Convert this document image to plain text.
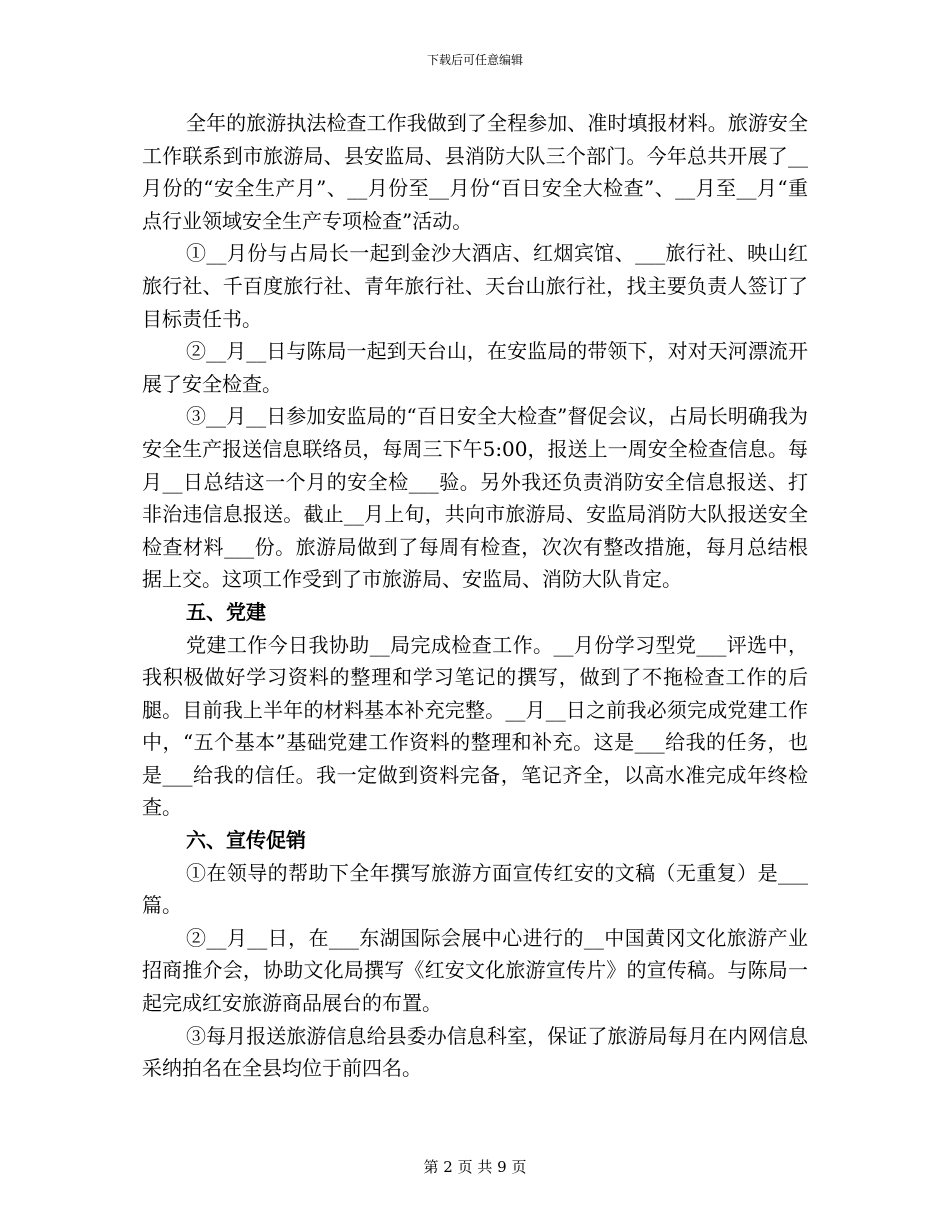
下载后可任意编辑

全年的旅游执法检查工作我做到了全程参加、准时填报材料。旅游安全工作联系到市旅游局、县安监局、县消防大队三个部门。今年总共开展了__月份的“安全生产月”、__月份至__月份“百日安全大检查”、__月至__月“重点行业领域安全生产专项检查”活动。

①__月份与占局长一起到金沙大酒店、红烟宾馆、___旅行社、映山红旅行社、千百度旅行社、青年旅行社、天台山旅行社，找主要负责人签订了目标责任书。

②__月__日与陈局一起到天台山，在安监局的带领下，对对天河漂流开展了安全检查。

③__月__日参加安监局的“百日安全大检查”督促会议，占局长明确我为安全生产报送信息联络员，每周三下午5:00，报送上一周安全检查信息。每月__日总结这一个月的安全检___验。另外我还负责消防安全信息报送、打非治违信息报送。截止__月上旬，共向市旅游局、安监局消防大队报送安全检查材料___份。旅游局做到了每周有检查，次次有整改措施，每月总结根据上交。这项工作受到了市旅游局、安监局、消防大队肯定。

五、党建

党建工作今日我协助__局完成检查工作。__月份学习型党___评选中，我积极做好学习资料的整理和学习笔记的撰写，做到了不拖检查工作的后腿。目前我上半年的材料基本补充完整。__月__日之前我必须完成党建工作中，“五个基本”基础党建工作资料的整理和补充。这是___给我的任务，也是___给我的信任。我一定做到资料完备，笔记齐全，以高水准完成年终检查。

六、宣传促销

①在领导的帮助下全年撰写旅游方面宣传红安的文稿（无重复）是___篇。

②__月__日，在___东湖国际会展中心进行的__中国黄冈文化旅游产业招商推介会，协助文化局撰写《红安文化旅游宣传片》的宣传稿。与陈局一起完成红安旅游商品展台的布置。

③每月报送旅游信息给县委办信息科室，保证了旅游局每月在内网信息采纳拍名在全县均位于前四名。

第 2 页 共 9 页
